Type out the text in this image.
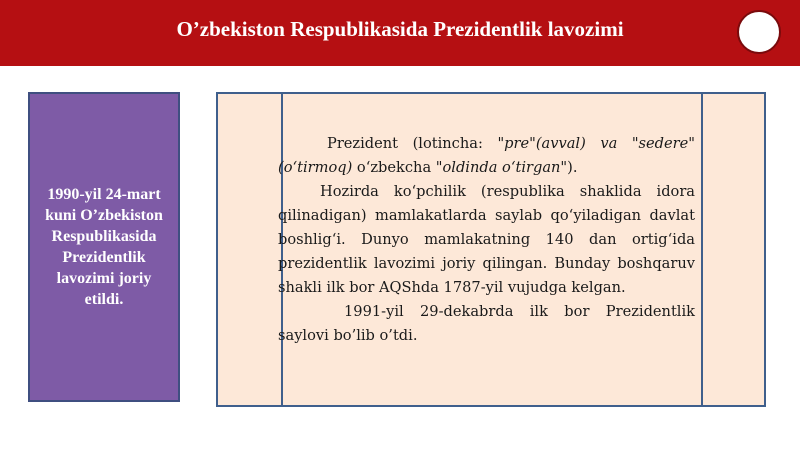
O’zbekiston Respublikasida Prezidentlik lavozimi
1990-yil 24-mart kuni O’zbekiston Respublikasida Prezidentlik lavozimi joriy etildi.

Prezident (lotincha: "pre"(avval) va "sedere" (o‘tirmoq) o‘zbekcha "oldinda o‘tirgan").

Hozirda ko‘pchilik (respublika shaklida idora qilinadigan) mamlakatlarda saylab qo‘yiladigan davlat boshlig‘i. Dunyo mamlakatning 140 dan ortig‘ida prezidentlik lavozimi joriy qilingan. Bunday boshqaruv shakli ilk bor AQShda 1787-yil vujudga kelgan.

1991-yil 29-dekabrda ilk bor Prezidentlik saylovi bo’lib o’tdi.
